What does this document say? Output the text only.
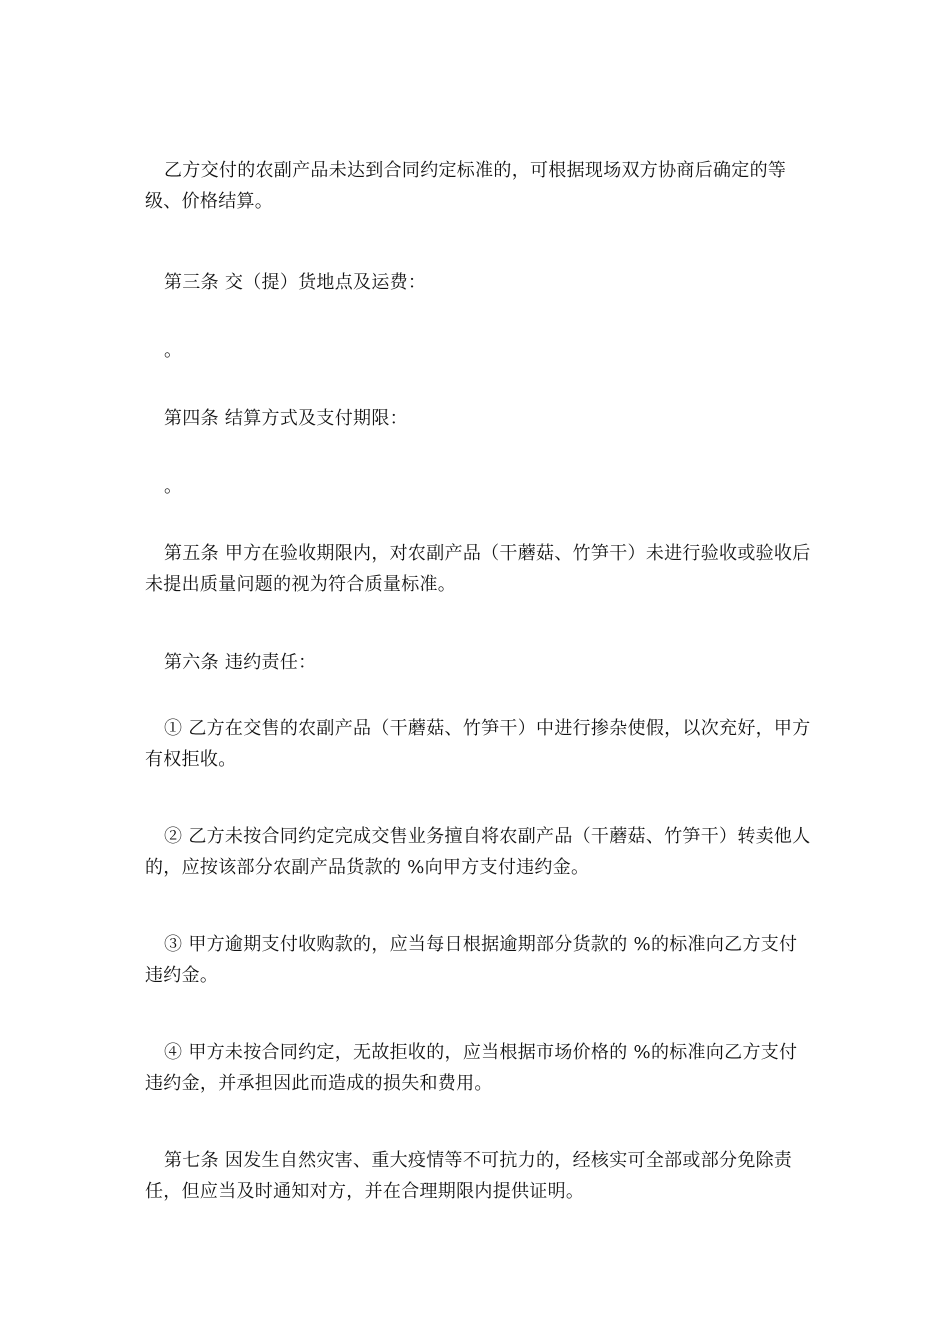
乙方交付的农副产品未达到合同约定标准的，可根据现场双方协商后确定的等级、价格结算。

第三条 交（提）货地点及运费：

。

第四条 结算方式及支付期限：

。

第五条 甲方在验收期限内，对农副产品（干蘑菇、竹笋干）未进行验收或验收后未提出质量问题的视为符合质量标准。

第六条 违约责任：

① 乙方在交售的农副产品（干蘑菇、竹笋干）中进行掺杂使假，以次充好，甲方有权拒收。

② 乙方未按合同约定完成交售业务擅自将农副产品（干蘑菇、竹笋干）转卖他人的，应按该部分农副产品货款的 %向甲方支付违约金。

③ 甲方逾期支付收购款的，应当每日根据逾期部分货款的 %的标准向乙方支付违约金。

④ 甲方未按合同约定，无故拒收的，应当根据市场价格的 %的标准向乙方支付违约金，并承担因此而造成的损失和费用。

第七条 因发生自然灾害、重大疫情等不可抗力的，经核实可全部或部分免除责任，但应当及时通知对方，并在合理期限内提供证明。
